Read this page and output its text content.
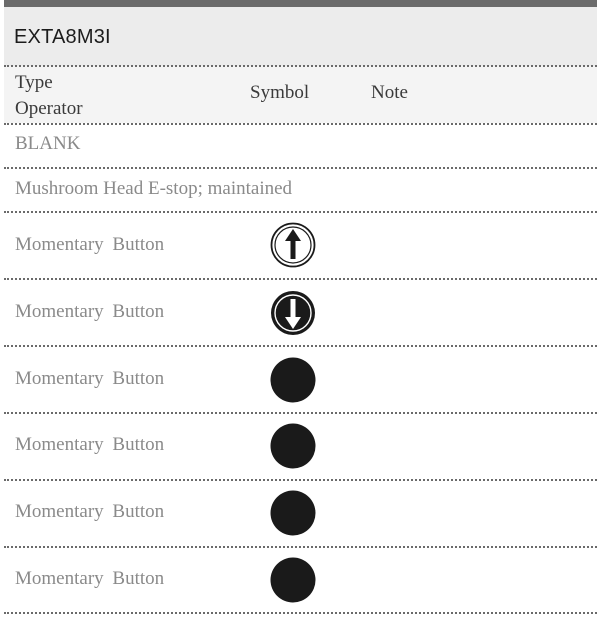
EXTA8M3I
Type
Operator
Symbol	Note
BLANK
Mushroom Head E-stop; maintained
Momentary Button
Momentary Button
Momentary Button
Momentary Button
Momentary Button
Momentary Button
